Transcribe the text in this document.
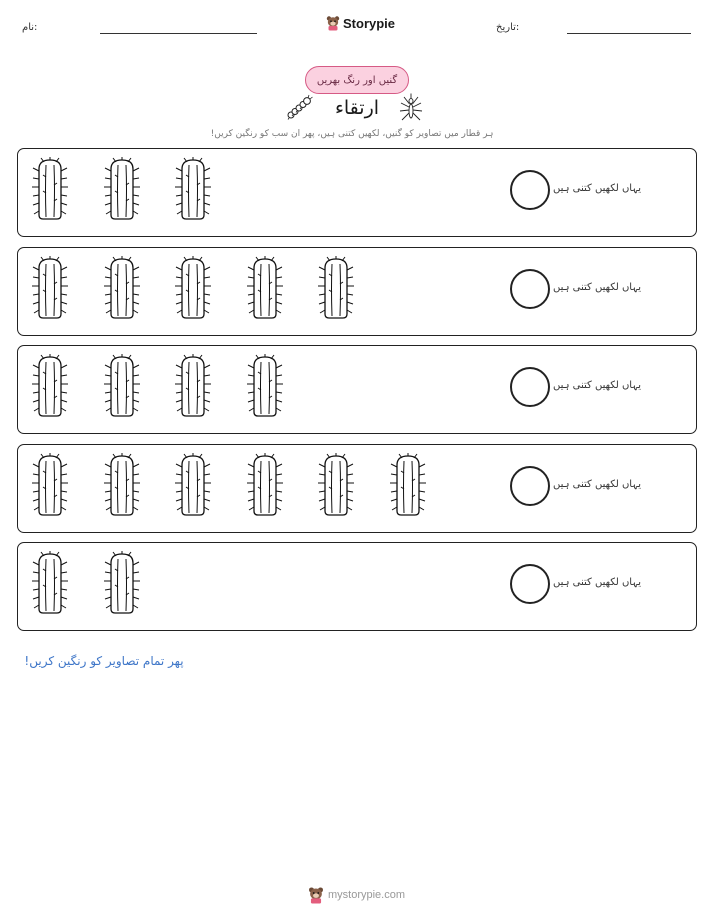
نام:	Storypie	تاریخ:
گنیں اور رنگ بھریں
ارتقاء
ہر قطار میں تصاویر کو گنیں، لکھیں کتنی ہیں، پھر ان سب کو رنگین کریں!
یہاں لکھیں کتنی ہیں
یہاں لکھیں کتنی ہیں
یہاں لکھیں کتنی ہیں
یہاں لکھیں کتنی ہیں
یہاں لکھیں کتنی ہیں
پھر تمام تصاویر کو رنگین کریں!
mystorypie.com
